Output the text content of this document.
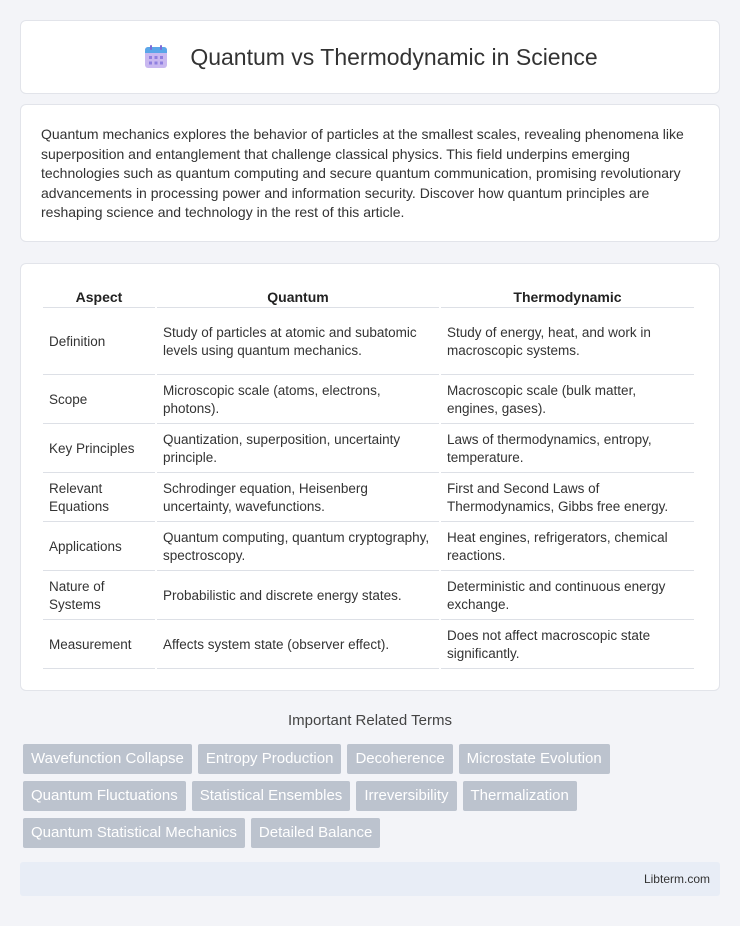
Quantum vs Thermodynamic in Science

Quantum mechanics explores the behavior of particles at the smallest scales, revealing phenomena like superposition and entanglement that challenge classical physics. This field underpins emerging technologies such as quantum computing and secure quantum communication, promising revolutionary advancements in processing power and information security. Discover how quantum principles are reshaping science and technology in the rest of this article.

Aspect	Quantum	Thermodynamic
Definition	Study of particles at atomic and subatomic levels using quantum mechanics.	Study of energy, heat, and work in macroscopic systems.
Scope	Microscopic scale (atoms, electrons, photons).	Macroscopic scale (bulk matter, engines, gases).
Key Principles	Quantization, superposition, uncertainty principle.	Laws of thermodynamics, entropy, temperature.
Relevant Equations	Schrodinger equation, Heisenberg uncertainty, wavefunctions.	First and Second Laws of Thermodynamics, Gibbs free energy.
Applications	Quantum computing, quantum cryptography, spectroscopy.	Heat engines, refrigerators, chemical reactions.
Nature of Systems	Probabilistic and discrete energy states.	Deterministic and continuous energy exchange.
Measurement	Affects system state (observer effect).	Does not affect macroscopic state significantly.
Important Related Terms
Wavefunction Collapse	Entropy Production	Decoherence	Microstate Evolution
Quantum Fluctuations	Statistical Ensembles	Irreversibility	Thermalization
Quantum Statistical Mechanics	Detailed Balance
Libterm.com
